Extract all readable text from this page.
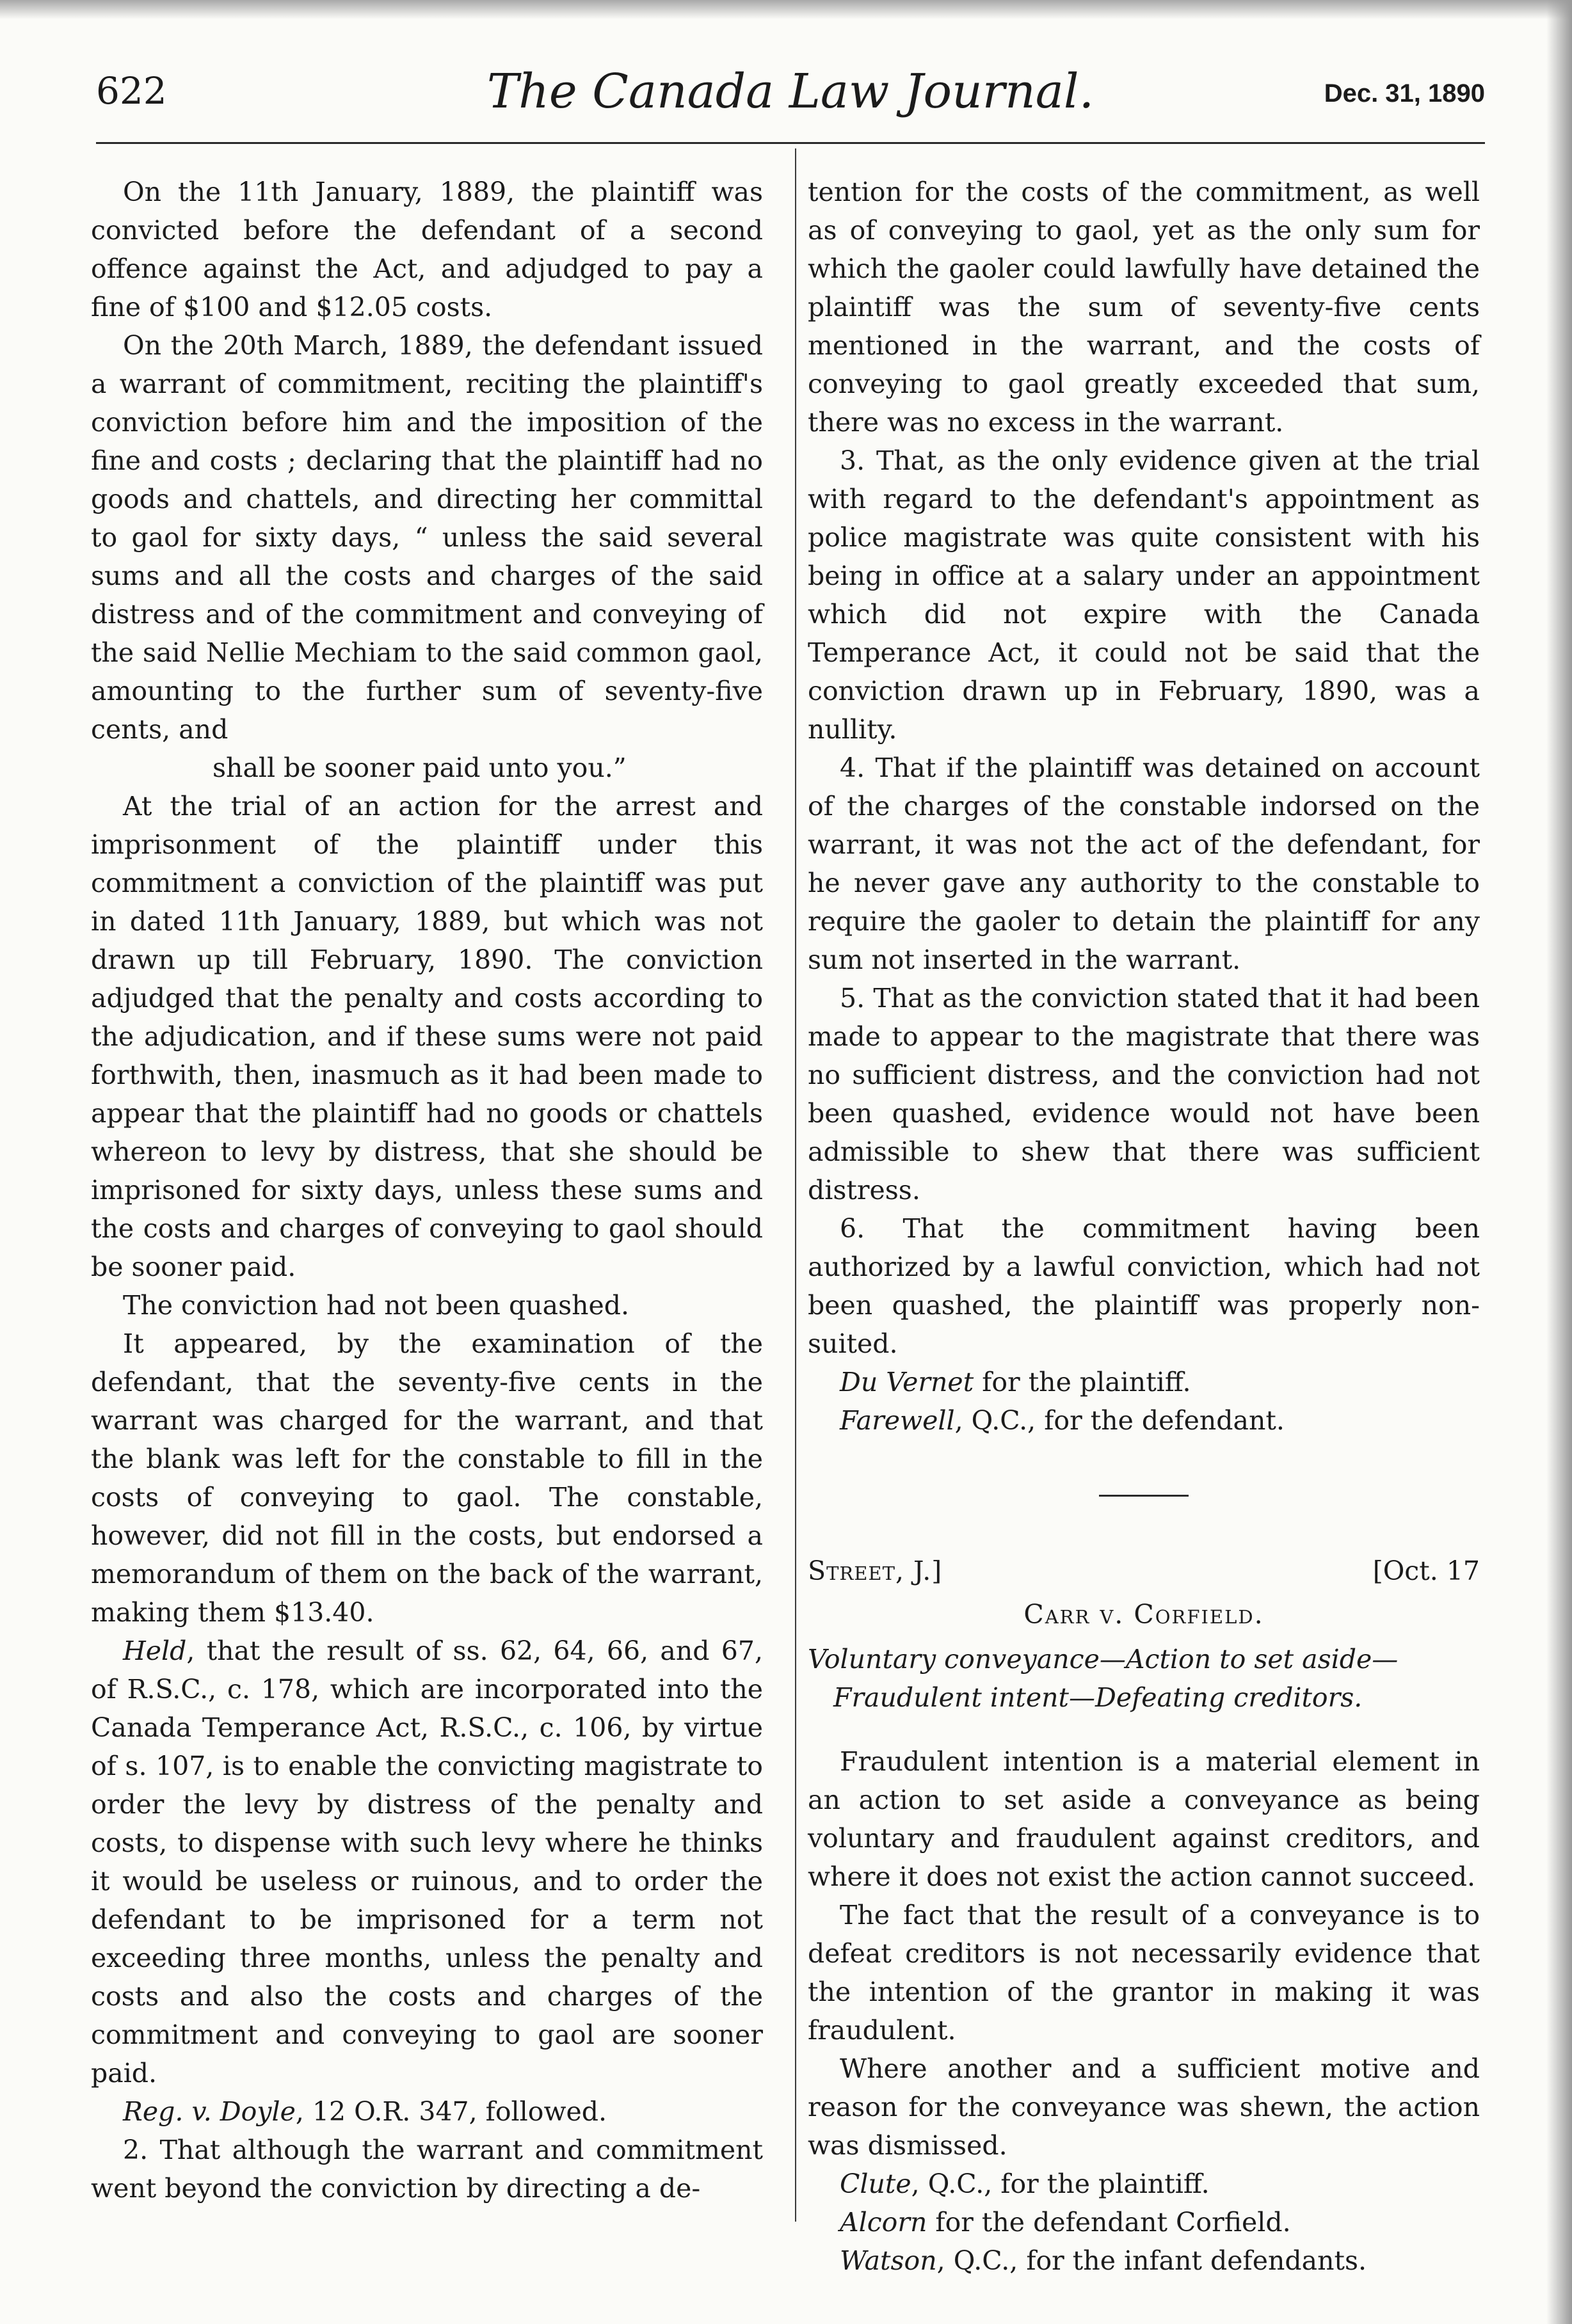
622	The Canada Law Journal.	Dec. 31, 1890

On the 11th January, 1889, the plaintiff was convicted before the defendant of a second offence against the Act, and adjudged to pay a fine of $100 and $12.05 costs.

On the 20th March, 1889, the defendant issued a warrant of commitment, reciting the plaintiff's conviction before him and the imposition of the fine and costs ; declaring that the plaintiff had no goods and chattels, and directing her committal to gaol for sixty days, “ unless the said several sums and all the costs and charges of the said distress and of the commitment and conveying of the said Nellie Mechiam to the said common gaol, amounting to the further sum of seventy-five cents, and

shall be sooner paid unto you.”

At the trial of an action for the arrest and imprisonment of the plaintiff under this commitment a conviction of the plaintiff was put in dated 11th January, 1889, but which was not drawn up till February, 1890. The conviction adjudged that the penalty and costs according to the adjudication, and if these sums were not paid forthwith, then, inasmuch as it had been made to appear that the plaintiff had no goods or chattels whereon to levy by distress, that she should be imprisoned for sixty days, unless these sums and the costs and charges of conveying to gaol should be sooner paid.

The conviction had not been quashed.

It appeared, by the examination of the defendant, that the seventy-five cents in the warrant was charged for the warrant, and that the blank was left for the constable to fill in the costs of conveying to gaol. The constable, however, did not fill in the costs, but endorsed a memorandum of them on the back of the warrant, making them $13.40.

Held, that the result of ss. 62, 64, 66, and 67, of R.S.C., c. 178, which are incorporated into the Canada Temperance Act, R.S.C., c. 106, by virtue of s. 107, is to enable the convicting magistrate to order the levy by distress of the penalty and costs, to dispense with such levy where he thinks it would be useless or ruinous, and to order the defendant to be imprisoned for a term not exceeding three months, unless the penalty and costs and also the costs and charges of the commitment and conveying to gaol are sooner paid.

Reg. v. Doyle, 12 O.R. 347, followed.

2. That although the warrant and commitment went beyond the conviction by directing a de-

tention for the costs of the commitment, as well as of conveying to gaol, yet as the only sum for which the gaoler could lawfully have detained the plaintiff was the sum of seventy-five cents mentioned in the warrant, and the costs of conveying to gaol greatly exceeded that sum, there was no excess in the warrant.

3. That, as the only evidence given at the trial with regard to the defendant's appointment as police magistrate was quite consistent with his being in office at a salary under an appointment which did not expire with the Canada Temperance Act, it could not be said that the conviction drawn up in February, 1890, was a nullity.

4. That if the plaintiff was detained on account of the charges of the constable indorsed on the warrant, it was not the act of the defendant, for he never gave any authority to the constable to require the gaoler to detain the plaintiff for any sum not inserted in the warrant.

5. That as the conviction stated that it had been made to appear to the magistrate that there was no sufficient distress, and the conviction had not been quashed, evidence would not have been admissible to shew that there was sufficient distress.

6. That the commitment having been authorized by a lawful conviction, which had not been quashed, the plaintiff was properly non-suited.

Du Vernet for the plaintiff.

Farewell, Q.C., for the defendant.

Street, J.]	[Oct. 17

Carr v. Corfield.

Voluntary conveyance—Action to set aside—Fraudulent intent—Defeating creditors.

Fraudulent intention is a material element in an action to set aside a conveyance as being voluntary and fraudulent against creditors, and where it does not exist the action cannot succeed.

The fact that the result of a conveyance is to defeat creditors is not necessarily evidence that the intention of the grantor in making it was fraudulent.

Where another and a sufficient motive and reason for the conveyance was shewn, the action was dismissed.

Clute, Q.C., for the plaintiff.

Alcorn for the defendant Corfield.

Watson, Q.C., for the infant defendants.
